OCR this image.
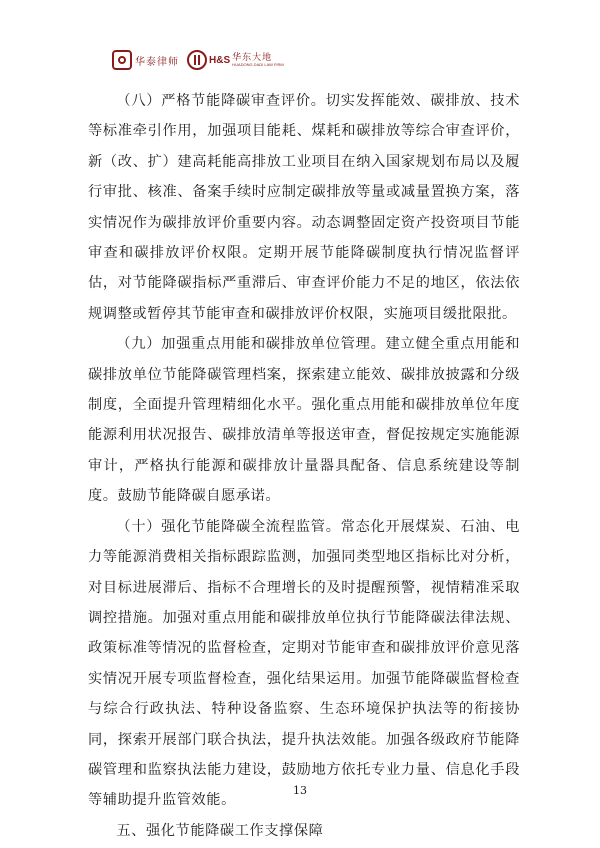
华泰律师	H&S 华东大地
HUADONG DADI LAW FIRM

（八）严格节能降碳审查评价。切实发挥能效、碳排放、技术等标准牵引作用，加强项目能耗、煤耗和碳排放等综合审查评价，新（改、扩）建高耗能高排放工业项目在纳入国家规划布局以及履行审批、核准、备案手续时应制定碳排放等量或减量置换方案，落实情况作为碳排放评价重要内容。动态调整固定资产投资项目节能审查和碳排放评价权限。定期开展节能降碳制度执行情况监督评估，对节能降碳指标严重滞后、审查评价能力不足的地区，依法依规调整或暂停其节能审查和碳排放评价权限，实施项目缓批限批。

（九）加强重点用能和碳排放单位管理。建立健全重点用能和碳排放单位节能降碳管理档案，探索建立能效、碳排放披露和分级制度，全面提升管理精细化水平。强化重点用能和碳排放单位年度能源利用状况报告、碳排放清单等报送审查，督促按规定实施能源审计，严格执行能源和碳排放计量器具配备、信息系统建设等制度。鼓励节能降碳自愿承诺。

（十）强化节能降碳全流程监管。常态化开展煤炭、石油、电力等能源消费相关指标跟踪监测，加强同类型地区指标比对分析，对目标进展滞后、指标不合理增长的及时提醒预警，视情精准采取调控措施。加强对重点用能和碳排放单位执行节能降碳法律法规、政策标准等情况的监督检查，定期对节能审查和碳排放评价意见落实情况开展专项监督检查，强化结果运用。加强节能降碳监督检查与综合行政执法、特种设备监察、生态环境保护执法等的衔接协同，探索开展部门联合执法，提升执法效能。加强各级政府节能降碳管理和监察执法能力建设，鼓励地方依托专业力量、信息化手段等辅助提升监管效能。

五、强化节能降碳工作支撑保障

13
